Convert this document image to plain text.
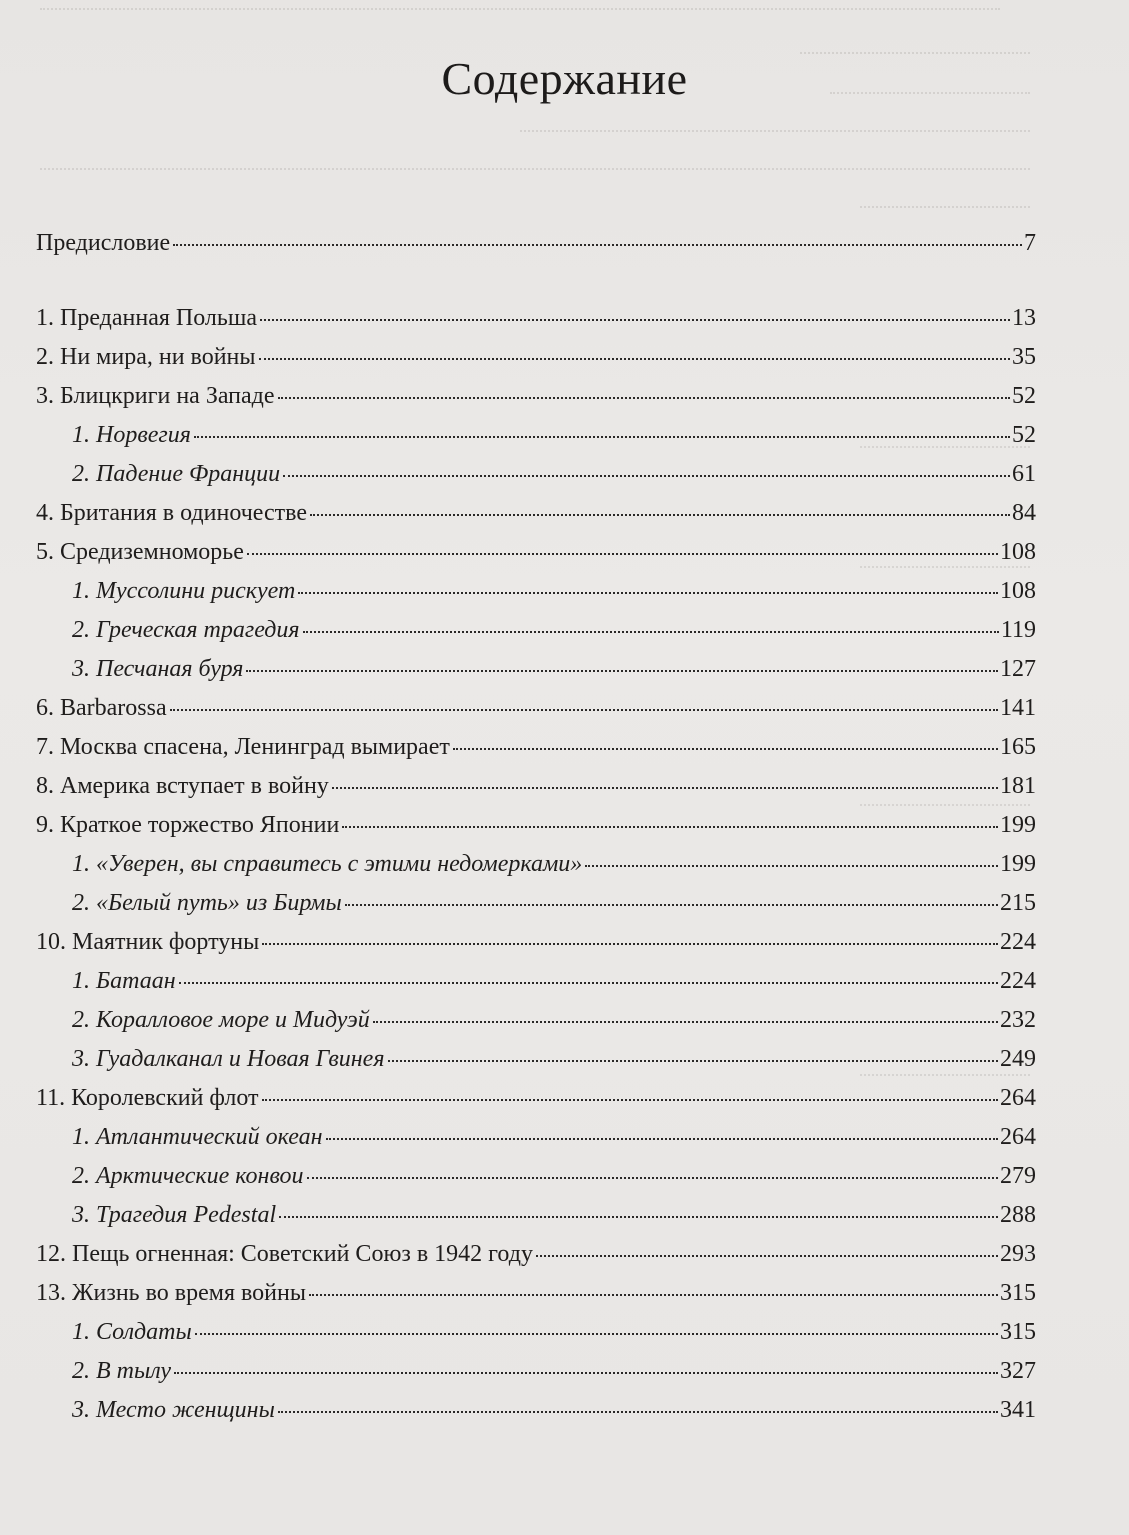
Содержание
Предисловие	7
1. Преданная Польша	13
2. Ни мира, ни войны	35
3. Блицкриги на Западе	52
1. Норвегия	52
2. Падение Франции	61
4. Британия в одиночестве	84
5. Средиземноморье	108
1. Муссолини рискует	108
2. Греческая трагедия	119
3. Песчаная буря	127
6. Barbarossa	141
7. Москва спасена, Ленинград вымирает	165
8. Америка вступает в войну	181
9. Краткое торжество Японии	199
1. «Уверен, вы справитесь с этими недомерками»	199
2. «Белый путь» из Бирмы	215
10. Маятник фортуны	224
1. Батаан	224
2. Коралловое море и Мидуэй	232
3. Гуадалканал и Новая Гвинея	249
11. Королевский флот	264
1. Атлантический океан	264
2. Арктические конвои	279
3. Трагедия Pedestal	288
12. Пещь огненная: Советский Союз в 1942 году	293
13. Жизнь во время войны	315
1. Солдаты	315
2. В тылу	327
3. Место женщины	341
